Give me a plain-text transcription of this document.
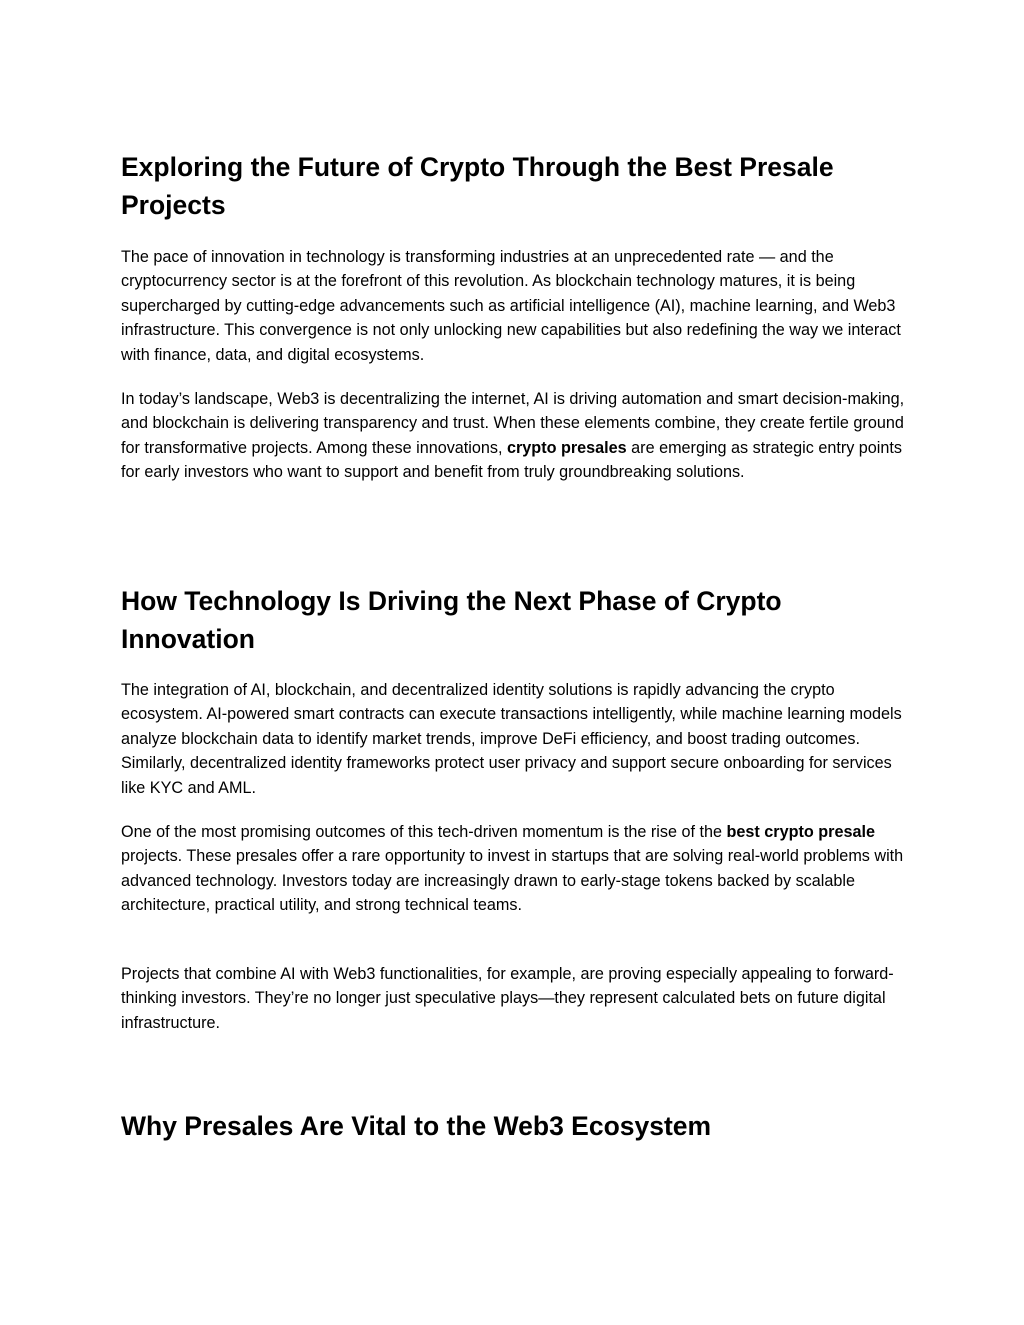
Exploring the Future of Crypto Through the Best Presale Projects

The pace of innovation in technology is transforming industries at an unprecedented rate — and the cryptocurrency sector is at the forefront of this revolution. As blockchain technology matures, it is being supercharged by cutting-edge advancements such as artificial intelligence (AI), machine learning, and Web3 infrastructure. This convergence is not only unlocking new capabilities but also redefining the way we interact with finance, data, and digital ecosystems.

In today’s landscape, Web3 is decentralizing the internet, AI is driving automation and smart decision-making, and blockchain is delivering transparency and trust. When these elements combine, they create fertile ground for transformative projects. Among these innovations, crypto presales are emerging as strategic entry points for early investors who want to support and benefit from truly groundbreaking solutions.

How Technology Is Driving the Next Phase of Crypto Innovation

The integration of AI, blockchain, and decentralized identity solutions is rapidly advancing the crypto ecosystem. AI-powered smart contracts can execute transactions intelligently, while machine learning models analyze blockchain data to identify market trends, improve DeFi efficiency, and boost trading outcomes. Similarly, decentralized identity frameworks protect user privacy and support secure onboarding for services like KYC and AML.

One of the most promising outcomes of this tech-driven momentum is the rise of the best crypto presale projects. These presales offer a rare opportunity to invest in startups that are solving real-world problems with advanced technology. Investors today are increasingly drawn to early-stage tokens backed by scalable architecture, practical utility, and strong technical teams.

Projects that combine AI with Web3 functionalities, for example, are proving especially appealing to forward-thinking investors. They’re no longer just speculative plays—they represent calculated bets on future digital infrastructure.

Why Presales Are Vital to the Web3 Ecosystem
